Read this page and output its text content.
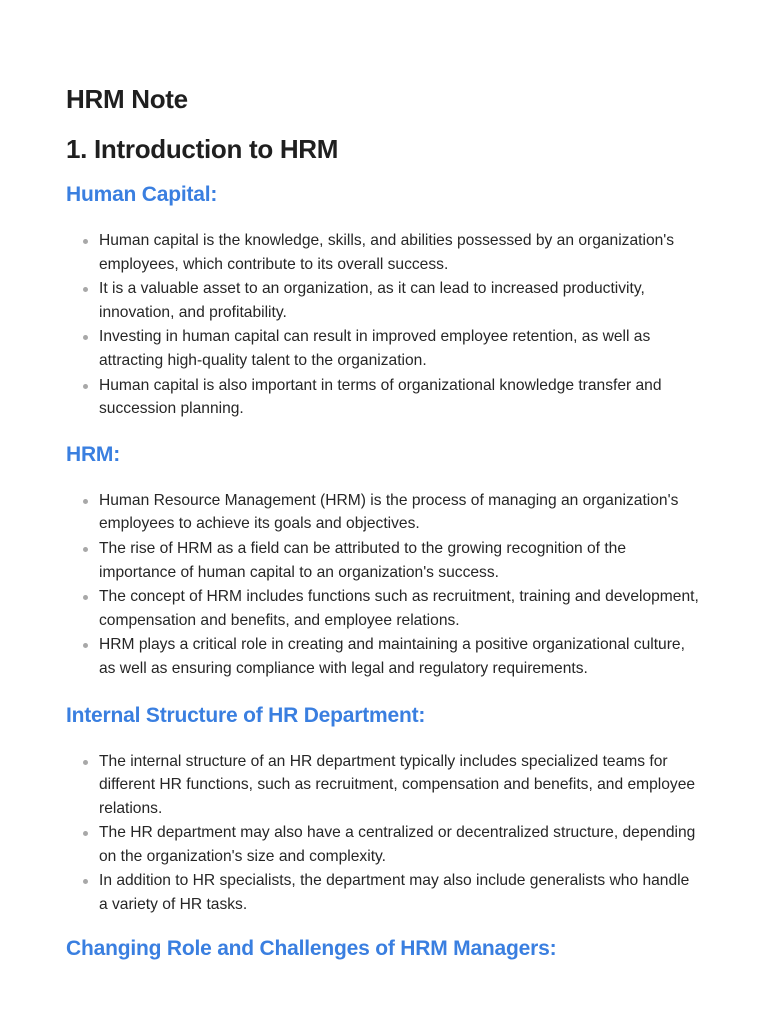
HRM Note
1. Introduction to HRM
Human Capital:
Human capital is the knowledge, skills, and abilities possessed by an organization's employees, which contribute to its overall success.
It is a valuable asset to an organization, as it can lead to increased productivity, innovation, and profitability.
Investing in human capital can result in improved employee retention, as well as attracting high-quality talent to the organization.
Human capital is also important in terms of organizational knowledge transfer and succession planning.
HRM:
Human Resource Management (HRM) is the process of managing an organization's employees to achieve its goals and objectives.
The rise of HRM as a field can be attributed to the growing recognition of the importance of human capital to an organization's success.
The concept of HRM includes functions such as recruitment, training and development, compensation and benefits, and employee relations.
HRM plays a critical role in creating and maintaining a positive organizational culture, as well as ensuring compliance with legal and regulatory requirements.
Internal Structure of HR Department:
The internal structure of an HR department typically includes specialized teams for different HR functions, such as recruitment, compensation and benefits, and employee relations.
The HR department may also have a centralized or decentralized structure, depending on the organization's size and complexity.
In addition to HR specialists, the department may also include generalists who handle a variety of HR tasks.
Changing Role and Challenges of HRM Managers:
